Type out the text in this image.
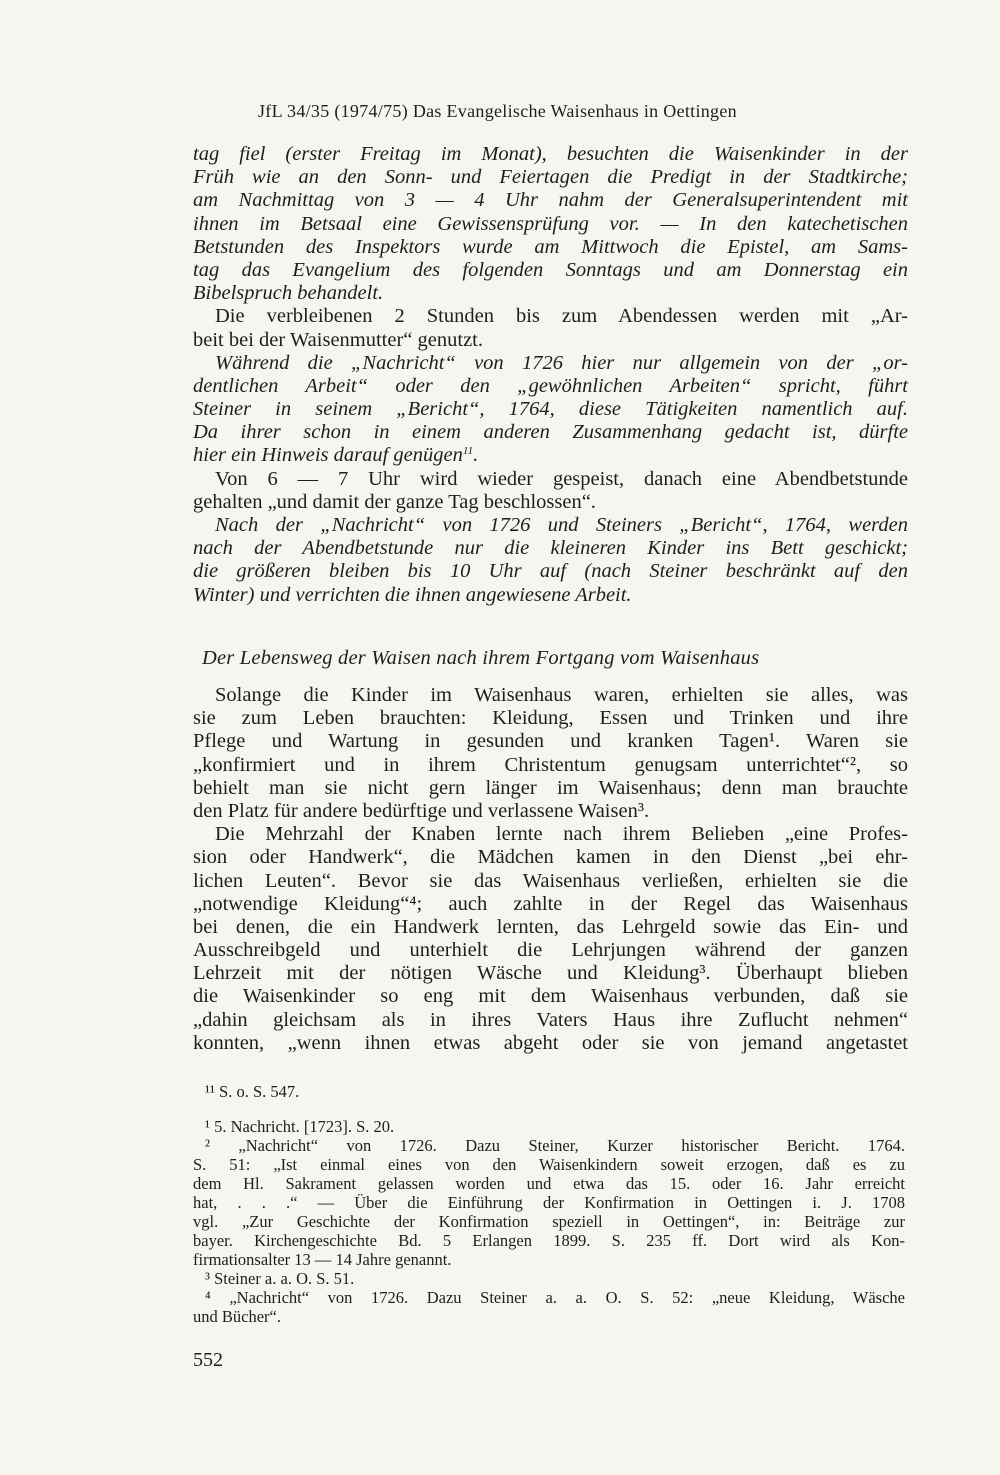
JfL 34/35 (1974/75) Das Evangelische Waisenhaus in Oettingen
tag fiel (erster Freitag im Monat), besuchten die Waisenkinder in der
Früh wie an den Sonn- und Feiertagen die Predigt in der Stadtkirche;
am Nachmittag von 3 — 4 Uhr nahm der Generalsuperintendent mit
ihnen im Betsaal eine Gewissensprüfung vor. — In den katechetischen
Betstunden des Inspektors wurde am Mittwoch die Epistel, am Sams-
tag das Evangelium des folgenden Sonntags und am Donnerstag ein
Bibelspruch behandelt.
Die verbleibenen 2 Stunden bis zum Abendessen werden mit „Ar-
beit bei der Waisenmutter“ genutzt.
Während die „Nachricht“ von 1726 hier nur allgemein von der „or-
dentlichen Arbeit“ oder den „gewöhnlichen Arbeiten“ spricht, führt
Steiner in seinem „Bericht“, 1764, diese Tätigkeiten namentlich auf.
Da ihrer schon in einem anderen Zusammenhang gedacht ist, dürfte
hier ein Hinweis darauf genügen$^{11}$.
Von 6 — 7 Uhr wird wieder gespeist, danach eine Abendbetstunde
gehalten „und damit der ganze Tag beschlossen“.
Nach der „Nachricht“ von 1726 und Steiners „Bericht“, 1764, werden
nach der Abendbetstunde nur die kleineren Kinder ins Bett geschickt;
die größeren bleiben bis 10 Uhr auf (nach Steiner beschränkt auf den
Winter) und verrichten die ihnen angewiesene Arbeit.
Der Lebensweg der Waisen nach ihrem Fortgang vom Waisenhaus
Solange die Kinder im Waisenhaus waren, erhielten sie alles, was
sie zum Leben brauchten: Kleidung, Essen und Trinken und ihre
Pflege und Wartung in gesunden und kranken Tagen¹. Waren sie
„konfirmiert und in ihrem Christentum genugsam unterrichtet“², so
behielt man sie nicht gern länger im Waisenhaus; denn man brauchte
den Platz für andere bedürftige und verlassene Waisen³.
Die Mehrzahl der Knaben lernte nach ihrem Belieben „eine Profes-
sion oder Handwerk“, die Mädchen kamen in den Dienst „bei ehr-
lichen Leuten“. Bevor sie das Waisenhaus verließen, erhielten sie die
„notwendige Kleidung“⁴; auch zahlte in der Regel das Waisenhaus
bei denen, die ein Handwerk lernten, das Lehrgeld sowie das Ein- und
Ausschreibgeld und unterhielt die Lehrjungen während der ganzen
Lehrzeit mit der nötigen Wäsche und Kleidung³. Überhaupt blieben
die Waisenkinder so eng mit dem Waisenhaus verbunden, daß sie
„dahin gleichsam als in ihres Vaters Haus ihre Zuflucht nehmen“
konnten, „wenn ihnen etwas abgeht oder sie von jemand angetastet
¹¹ S. o. S. 547.
¹ 5. Nachricht. [1723]. S. 20.
² „Nachricht“ von 1726. Dazu Steiner, Kurzer historischer Bericht. 1764.
S. 51: „Ist einmal eines von den Waisenkindern soweit erzogen, daß es zu
dem Hl. Sakrament gelassen worden und etwa das 15. oder 16. Jahr erreicht
hat, . . .“ — Über die Einführung der Konfirmation in Oettingen i. J. 1708
vgl. „Zur Geschichte der Konfirmation speziell in Oettingen“, in: Beiträge zur
bayer. Kirchengeschichte Bd. 5 Erlangen 1899. S. 235 ff. Dort wird als Kon-
firmationsalter 13 — 14 Jahre genannt.
³ Steiner a. a. O. S. 51.
⁴ „Nachricht“ von 1726. Dazu Steiner a. a. O. S. 52: „neue Kleidung, Wäsche
und Bücher“.
552
